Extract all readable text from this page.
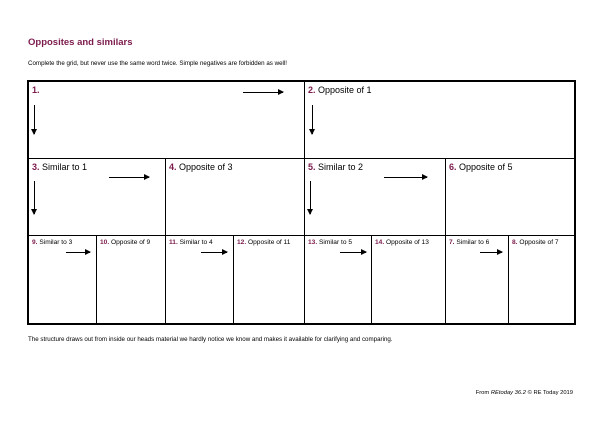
Opposites and similars
Complete the grid, but never use the same word twice. Simple negatives are forbidden as well!
1.	2. Opposite of 1
3. Similar to 1	4. Opposite of 3	5. Similar to 2	6. Opposite of 5
9. Similar to 3	10. Opposite of 9	11. Similar to 4	12. Opposite of 11	13. Similar to 5	14. Opposite of 13	7. Similar to 6	8. Opposite of 7
The structure draws out from inside our heads material we hardly notice we know and makes it available for clarifying and comparing.
From REtoday 36.2 © RE Today 2019
